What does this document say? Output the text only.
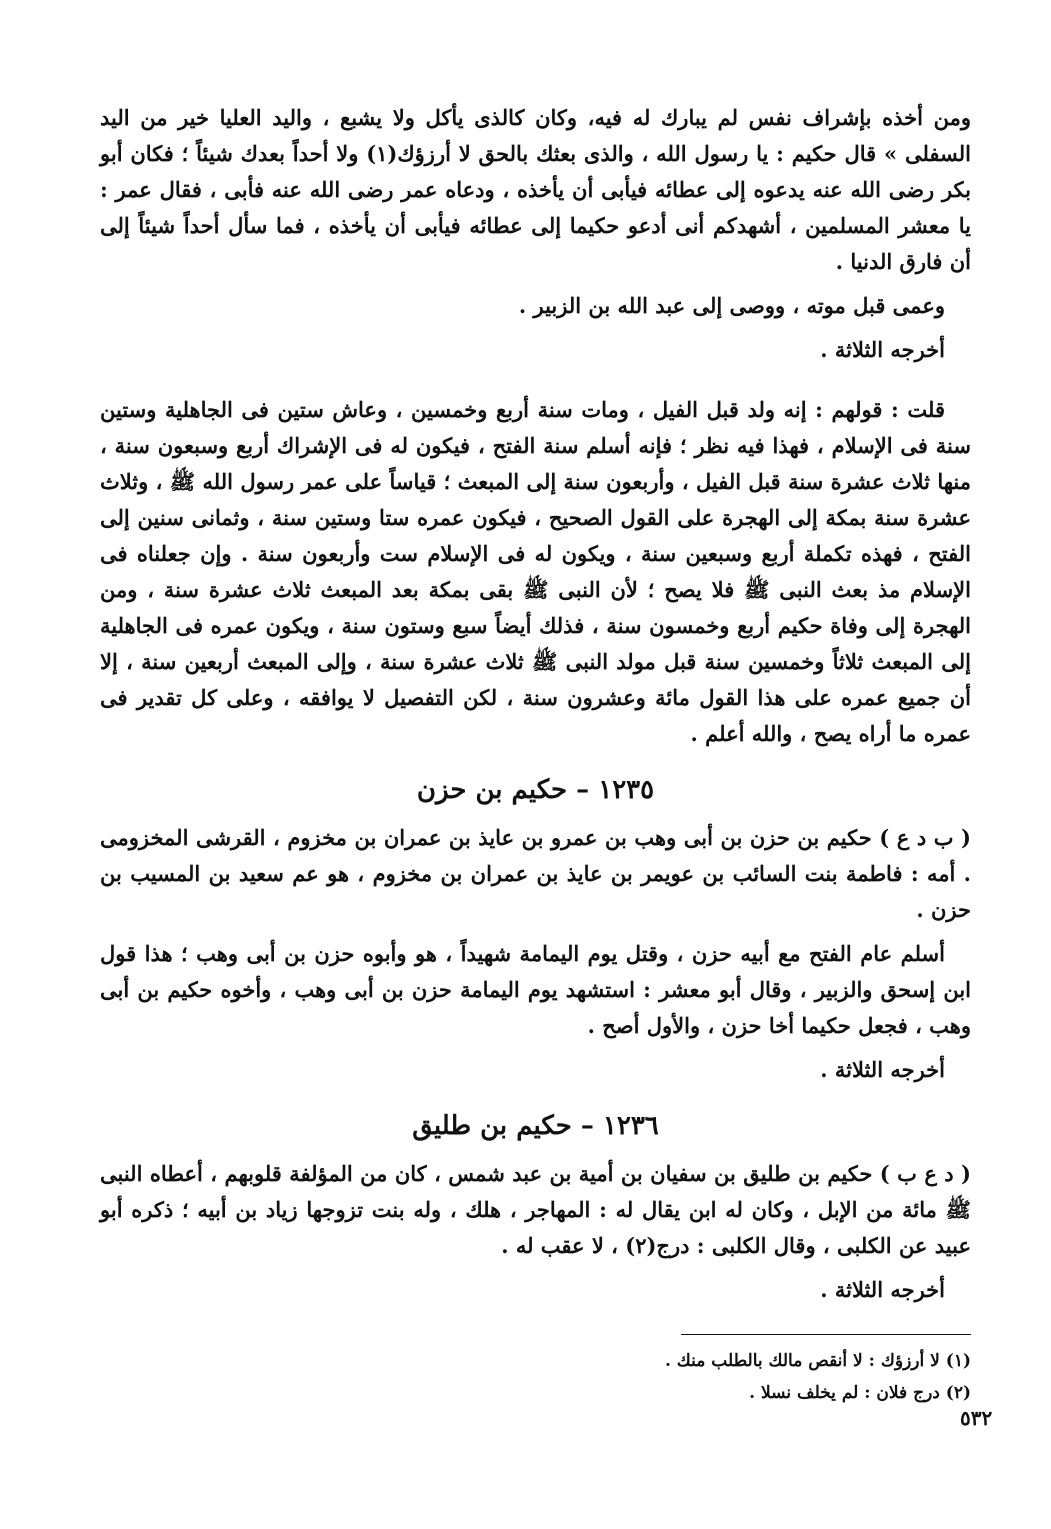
ومن أخذه بإشراف نفس لم يبارك له فيه، وكان كالذى يأكل ولا يشبع ، واليد العليا خير من اليد السفلى » قال حكيم : يا رسول الله ، والذى بعثك بالحق لا أرزؤك(١) ولا أحداً بعدك شيئاً ؛ فكان أبو بكر رضى الله عنه يدعوه إلى عطائه فيأبى أن يأخذه ، ودعاه عمر رضى الله عنه فأبى ، فقال عمر : يا معشر المسلمين ، أشهدكم أنى أدعو حكيما إلى عطائه فيأبى أن يأخذه ، فما سأل أحداً شيئاً إلى أن فارق الدنيا .

وعمى قبل موته ، ووصى إلى عبد الله بن الزبير .

أخرجه الثلاثة .

قلت : قولهم : إنه ولد قبل الفيل ، ومات سنة أربع وخمسين ، وعاش ستين فى الجاهلية وستين سنة فى الإسلام ، فهذا فيه نظر ؛ فإنه أسلم سنة الفتح ، فيكون له فى الإشراك أربع وسبعون سنة ، منها ثلاث عشرة سنة قبل الفيل ، وأربعون سنة إلى المبعث ؛ قياساً على عمر رسول الله ﷺ ، وثلاث عشرة سنة بمكة إلى الهجرة على القول الصحيح ، فيكون عمره ستا وستين سنة ، وثمانى سنين إلى الفتح ، فهذه تكملة أربع وسبعين سنة ، ويكون له فى الإسلام ست وأربعون سنة . وإن جعلناه فى الإسلام مذ بعث النبى ﷺ فلا يصح ؛ لأن النبى ﷺ بقى بمكة بعد المبعث ثلاث عشرة سنة ، ومن الهجرة إلى وفاة حكيم أربع وخمسون سنة ، فذلك أيضاً سبع وستون سنة ، ويكون عمره فى الجاهلية إلى المبعث ثلاثاً وخمسين سنة قبل مولد النبى ﷺ ثلاث عشرة سنة ، وإلى المبعث أربعين سنة ، إلا أن جميع عمره على هذا القول مائة وعشرون سنة ، لكن التفصيل لا يوافقه ، وعلى كل تقدير فى عمره ما أراه يصح ، والله أعلم .

١٢٣٥ – حكيم بن حزن

( ب د ع ) حكيم بن حزن بن أبى وهب بن عمرو بن عايذ بن عمران بن مخزوم ، القرشى المخزومى . أمه : فاطمة بنت السائب بن عويمر بن عايذ بن عمران بن مخزوم ، هو عم سعيد بن المسيب بن حزن .

أسلم عام الفتح مع أبيه حزن ، وقتل يوم اليمامة شهيداً ، هو وأبوه حزن بن أبى وهب ؛ هذا قول ابن إسحق والزبير ، وقال أبو معشر : استشهد يوم اليمامة حزن بن أبى وهب ، وأخوه حكيم بن أبى وهب ، فجعل حكيما أخا حزن ، والأول أصح .

أخرجه الثلاثة .

١٢٣٦ – حكيم بن طليق

( د ع ب ) حكيم بن طليق بن سفيان بن أمية بن عبد شمس ، كان من المؤلفة قلوبهم ، أعطاه النبى ﷺ مائة من الإبل ، وكان له ابن يقال له : المهاجر ، هلك ، وله بنت تزوجها زياد بن أبيه ؛ ذكره أبو عبيد عن الكلبى ، وقال الكلبى : درج(٢) ، لا عقب له .

أخرجه الثلاثة .

(١) لا أرزؤك : لا أنقص مالك بالطلب منك .

(٢) درج فلان : لم يخلف نسلا .

٥٣٢
